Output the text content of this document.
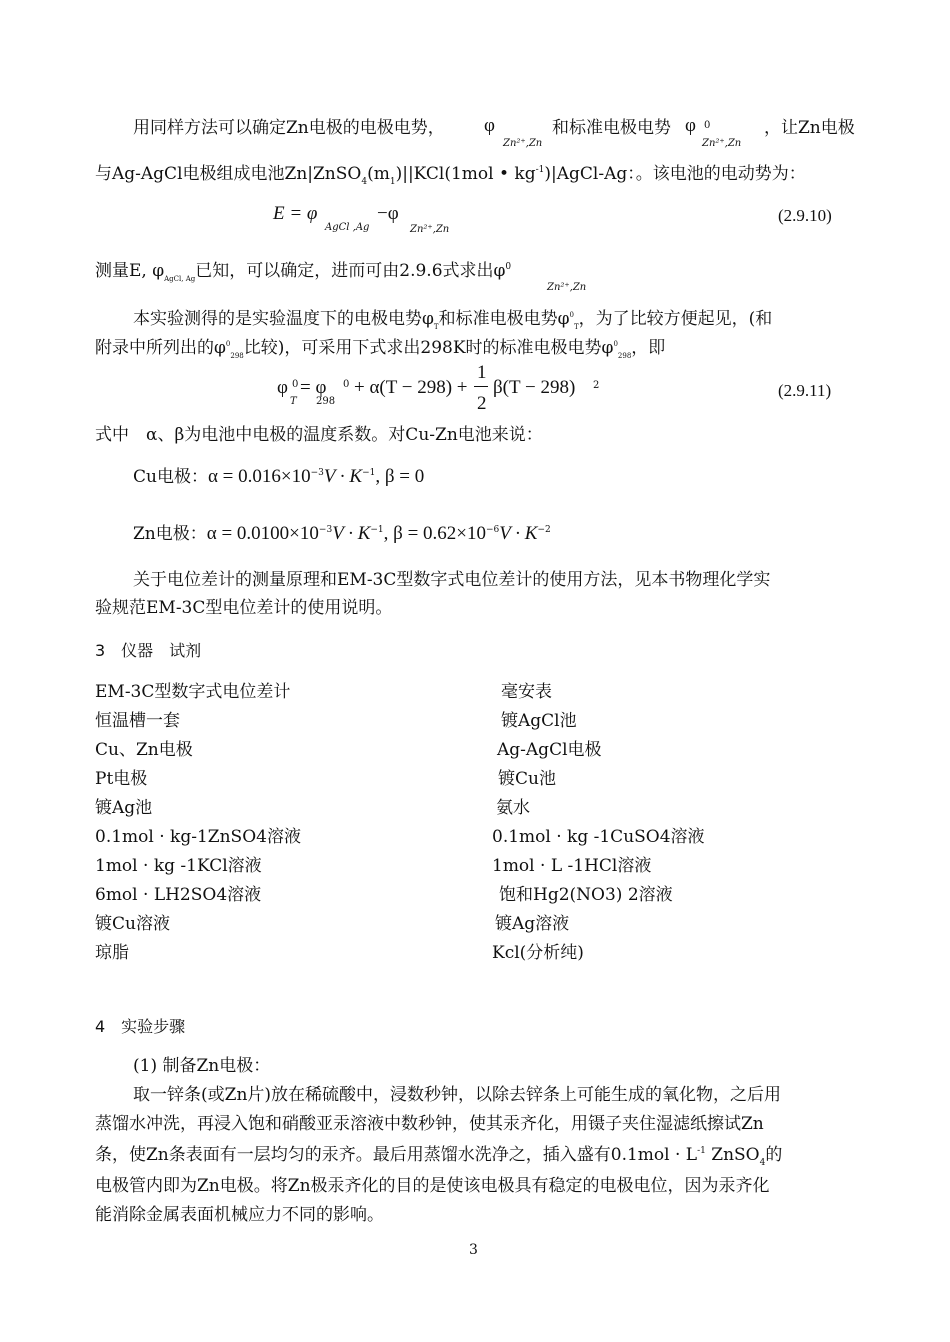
用同样方法可以确定Zn电极的电极电势， φ
Zn²⁺,Zn
和标准电极电势 φ 0
Zn²⁺,Zn
，让Zn电极
与Ag-AgCl电极组成电池$Zn|ZnSO_4(m_1)||KCl(1mol$ • $kg^{-1})|AgCl-Ag$：。该电池的电动势为：
E = φ
AgCl ,Ag
−φ
Zn²⁺,Zn
(2.9.10)
测量E, $\varphi_{AgCl, Ag}$已知，可以确定，进而可由2.9.6式求出$\varphi^0$
Zn²⁺,Zn
本实验测得的是实验温度下的电极电势$\varphi_T$和标准电极电势$\varphi^0_T$，为了比较方便起见，(和
附录中所列出的$\varphi^0_{298}$比较)，可采用下式求出298K时的标准电极电势$\varphi^0_{298}$，即
φ 0
T
= φ 0
298
+ α(T − 298) +
1
2
β(T − 298) 2	(2.9.11)
式中　α、β为电池中电极的温度系数。对Cu-Zn电池来说：
Cu电极：$\alpha = 0.016\times 10^{-3}V \cdot K^{-1}$, β = 0
Zn电极：$\alpha = 0.0100\times 10^{-3}V \cdot K^{-1}$, $\beta = 0.62\times 10^{-6}V \cdot K^{-2}$
关于电位差计的测量原理和EM-3C型数字式电位差计的使用方法，见本书物理化学实
验规范EM-3C型电位差计的使用说明。
3　仪器　试剂
EM-3C型数字式电位差计
恒温槽一套
Cu、Zn电极
Pt电极
镀Ag池
0.1mol · kg-1ZnSO4溶液
1mol · kg -1KCl溶液
6mol · LH2SO4溶液
镀Cu溶液
琼脂
毫安表
镀AgCl池
Ag-AgCl电极
镀Cu池
氨水
0.1mol · kg -1CuSO4溶液
1mol · L -1HCl溶液
饱和Hg2(NO3) 2溶液
镀Ag溶液
Kcl(分析纯)
4　实验步骤
(1) 制备Zn电极：
取一锌条(或Zn片)放在稀硫酸中，浸数秒钟，以除去锌条上可能生成的氧化物，之后用
蒸馏水冲洗，再浸入饱和硝酸亚汞溶液中数秒钟，使其汞齐化，用镊子夹住湿滤纸擦试Zn
条，使Zn条表面有一层均匀的汞齐。最后用蒸馏水洗净之，插入盛有$0.1mol \cdot L^{-1}$ ZnSO$_4$的
电极管内即为Zn电极。将Zn极汞齐化的目的是使该电极具有稳定的电极电位，因为汞齐化
能消除金属表面机械应力不同的影响。
3
